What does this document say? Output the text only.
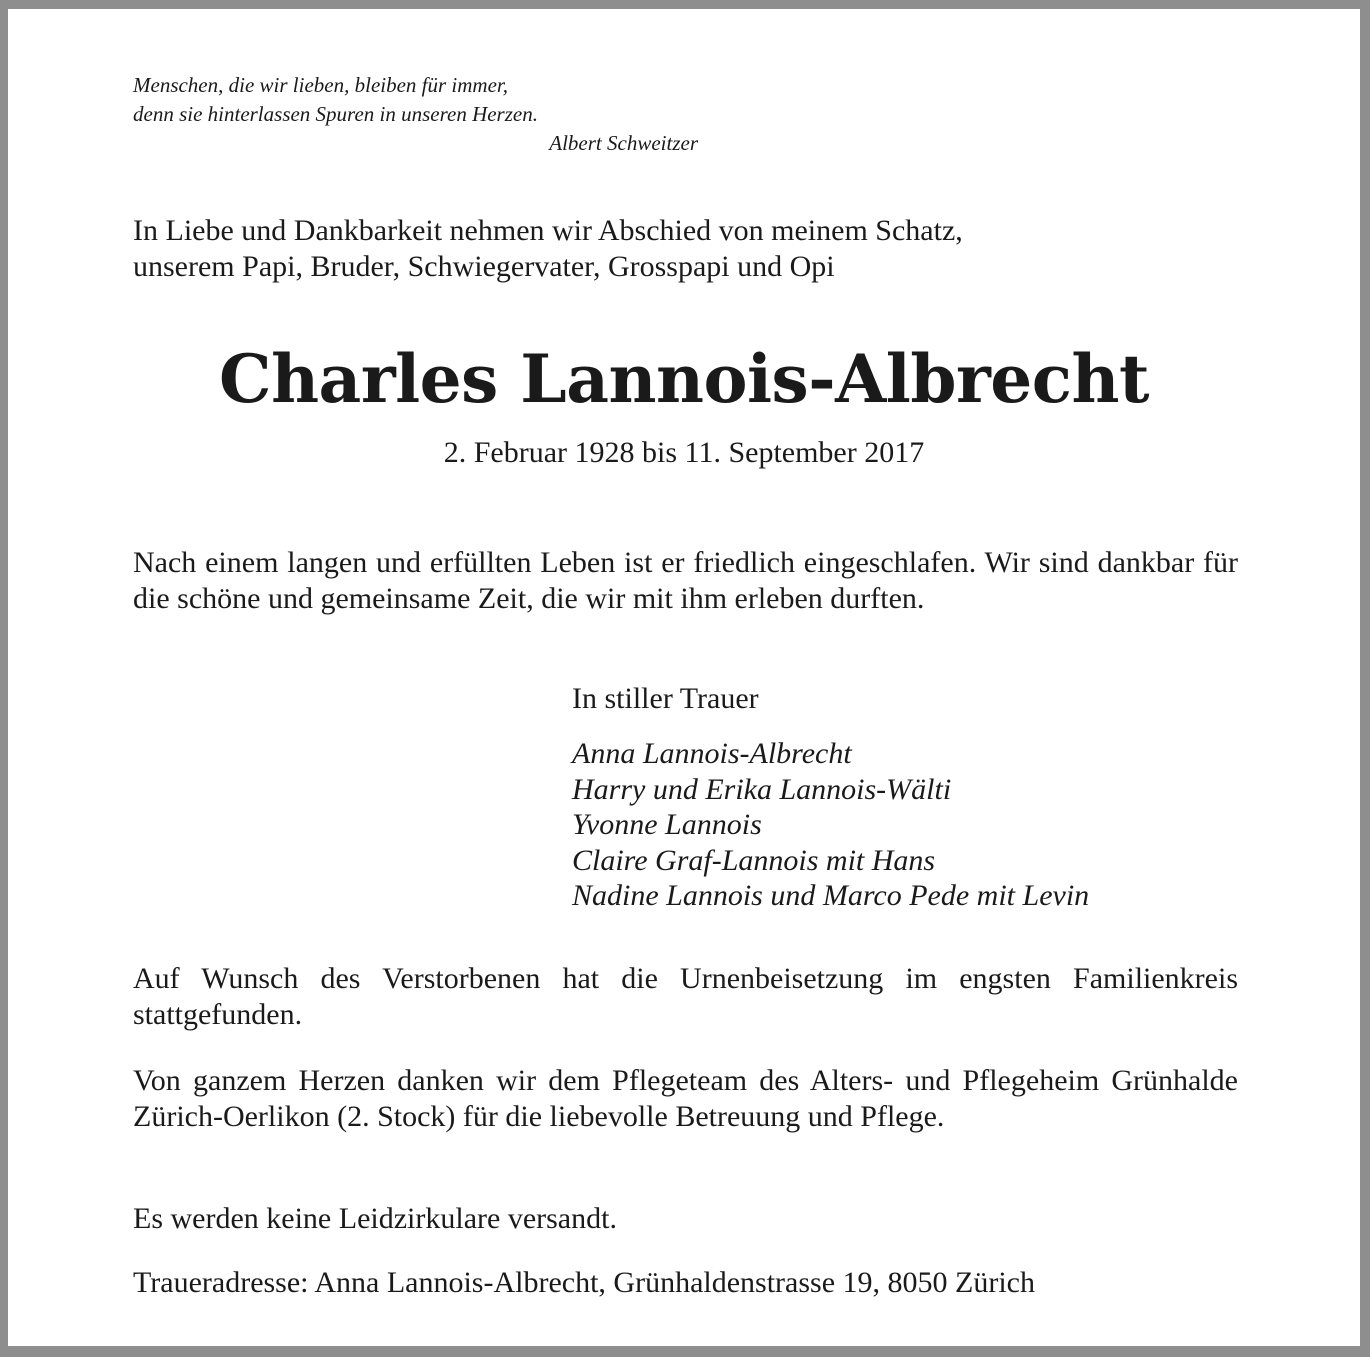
Menschen, die wir lieben, bleiben für immer,
denn sie hinterlassen Spuren in unseren Herzen.
Albert Schweitzer
In Liebe und Dankbarkeit nehmen wir Abschied von meinem Schatz,
unserem Papi, Bruder, Schwiegervater, Grosspapi und Opi
Charles Lannois-Albrecht
2. Februar 1928 bis 11. September 2017
Nach einem langen und erfüllten Leben ist er friedlich eingeschlafen. Wir sind dankbar für die schöne und gemeinsame Zeit, die wir mit ihm erleben durften.
In stiller Trauer
Anna Lannois-Albrecht
Harry und Erika Lannois-Wälti
Yvonne Lannois
Claire Graf-Lannois mit Hans
Nadine Lannois und Marco Pede mit Levin
Auf Wunsch des Verstorbenen hat die Urnenbeisetzung im engsten Familienkreis stattgefunden.
Von ganzem Herzen danken wir dem Pflegeteam des Alters- und Pflegeheim Grünhalde Zürich-Oerlikon (2. Stock) für die liebevolle Betreuung und Pflege.
Es werden keine Leidzirkulare versandt.
Traueradresse: Anna Lannois-Albrecht, Grünhaldenstrasse 19, 8050 Zürich
